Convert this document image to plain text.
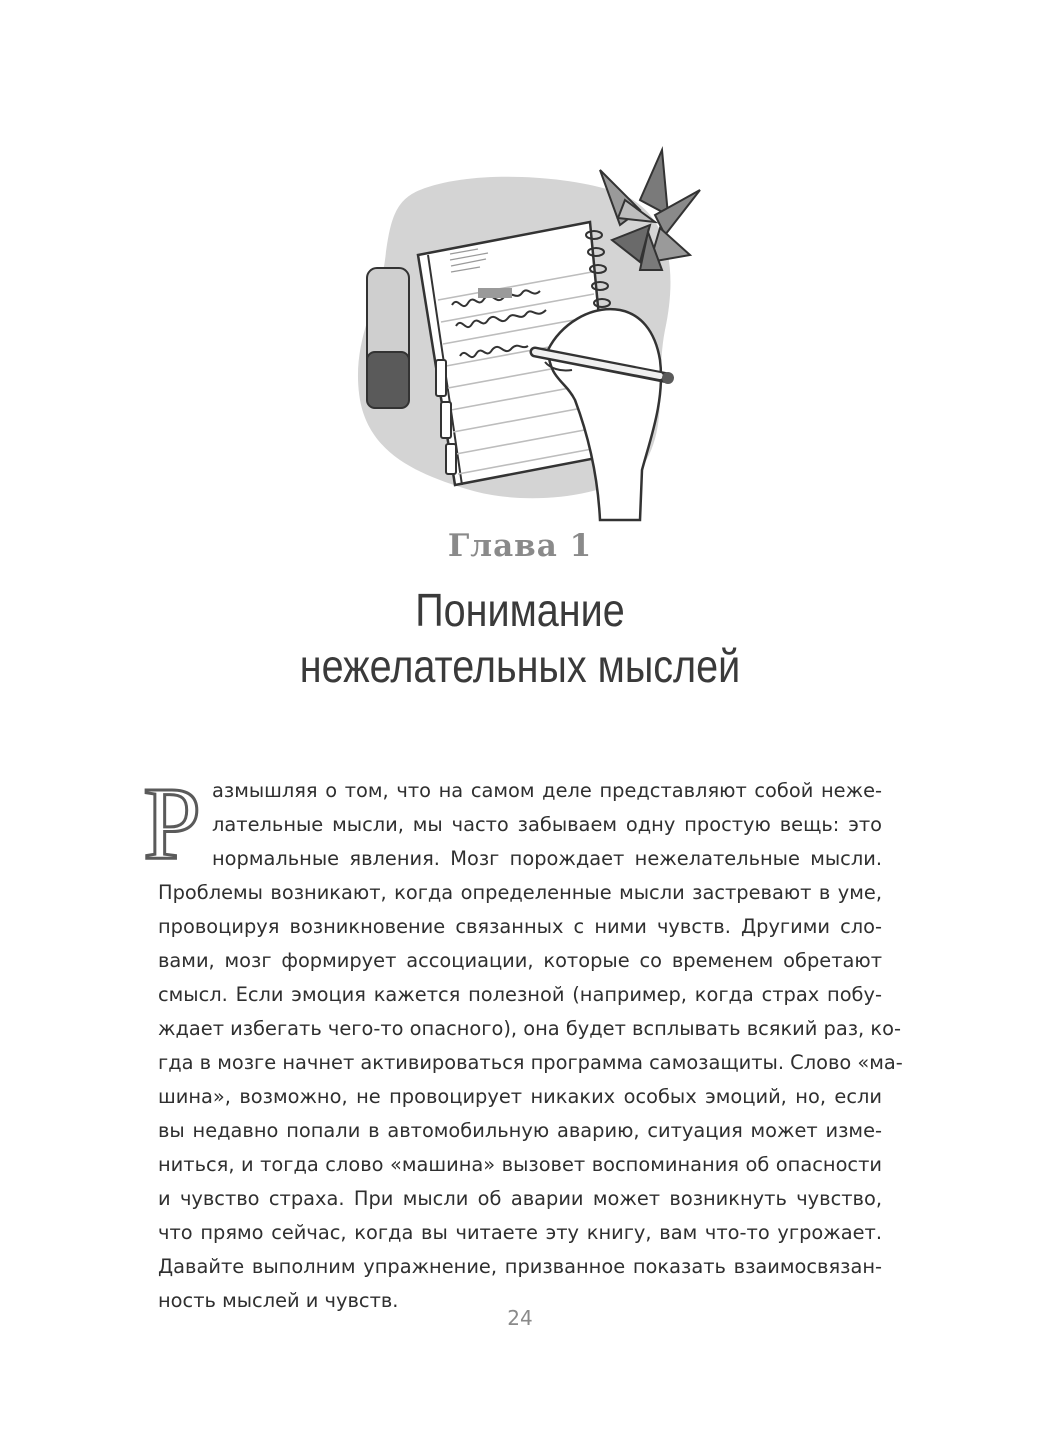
Глава 1
Понимание
нежелательных мыслей
Р азмышляя о том, что на самом деле представляют собой неже-
лательные мысли, мы часто забываем одну простую вещь: это
нормальные явления. Мозг порождает нежелательные мысли.
Проблемы возникают, когда определенные мысли застревают в уме,
провоцируя возникновение связанных с ними чувств. Другими сло-
вами, мозг формирует ассоциации, которые со временем обретают
смысл. Если эмоция кажется полезной (например, когда страх побу-
ждает избегать чего-то опасного), она будет всплывать всякий раз, ко-
гда в мозге начнет активироваться программа самозащиты. Слово «ма-
шина», возможно, не провоцирует никаких особых эмоций, но, если
вы недавно попали в автомобильную аварию, ситуация может изме-
ниться, и тогда слово «машина» вызовет воспоминания об опасности
и чувство страха. При мысли об аварии может возникнуть чувство,
что прямо сейчас, когда вы читаете эту книгу, вам что-то угрожает.
Давайте выполним упражнение, призванное показать взаимосвязан-
ность мыслей и чувств.
24
